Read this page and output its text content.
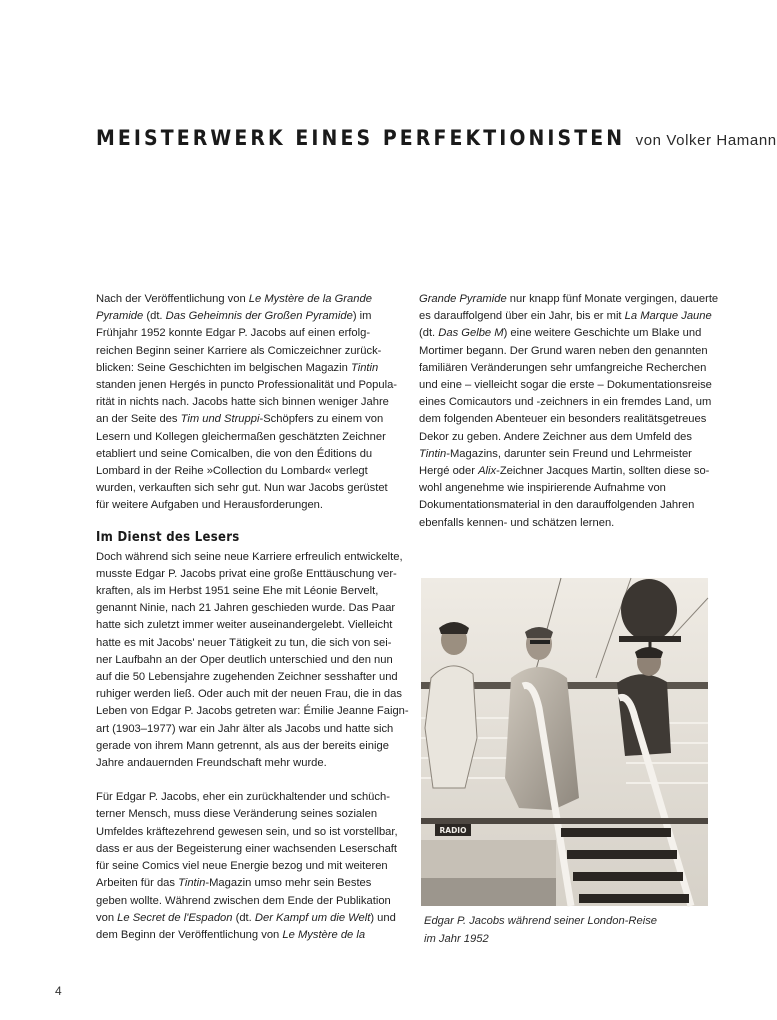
MEISTERWERK EINES PERFEKTIONISTEN von Volker Hamann

Nach der Veröffentlichung von Le Mystère de la Grande
Pyramide (dt. Das Geheimnis der Großen Pyramide) im
Frühjahr 1952 konnte Edgar P. Jacobs auf einen erfolg-
reichen Beginn seiner Karriere als Comiczeichner zurück-
blicken: Seine Geschichten im belgischen Magazin Tintin
standen jenen Hergés in puncto Professionalität und Popula-
rität in nichts nach. Jacobs hatte sich binnen weniger Jahre
an der Seite des Tim und Struppi-Schöpfers zu einem von
Lesern und Kollegen gleichermaßen geschätzten Zeichner
etabliert und seine Comicalben, die von den Éditions du
Lombard in der Reihe »Collection du Lombard« verlegt
wurden, verkauften sich sehr gut. Nun war Jacobs gerüstet
für weitere Aufgaben und Herausforderungen.

Im Dienst des Lesers

Doch während sich seine neue Karriere erfreulich entwickelte,
musste Edgar P. Jacobs privat eine große Enttäuschung ver-
kraften, als im Herbst 1951 seine Ehe mit Léonie Bervelt,
genannt Ninie, nach 21 Jahren geschieden wurde. Das Paar
hatte sich zuletzt immer weiter auseinandergelebt. Vielleicht
hatte es mit Jacobs' neuer Tätigkeit zu tun, die sich von sei-
ner Laufbahn an der Oper deutlich unterschied und den nun
auf die 50 Lebensjahre zugehenden Zeichner sesshafter und
ruhiger werden ließ. Oder auch mit der neuen Frau, die in das
Leben von Edgar P. Jacobs getreten war: Émilie Jeanne Faign-
art (1903–1977) war ein Jahr älter als Jacobs und hatte sich
gerade von ihrem Mann getrennt, als aus der bereits einige
Jahre andauernden Freundschaft mehr wurde.

Für Edgar P. Jacobs, eher ein zurückhaltender und schüch-
terner Mensch, muss diese Veränderung seines sozialen
Umfeldes kräftezehrend gewesen sein, und so ist vorstellbar,
dass er aus der Begeisterung einer wachsenden Leserschaft
für seine Comics viel neue Energie bezog und mit weiteren
Arbeiten für das Tintin-Magazin umso mehr sein Bestes
geben wollte. Während zwischen dem Ende der Publikation
von Le Secret de l'Espadon (dt. Der Kampf um die Welt) und
dem Beginn der Veröffentlichung von Le Mystère de la

Grande Pyramide nur knapp fünf Monate vergingen, dauerte
es darauffolgend über ein Jahr, bis er mit La Marque Jaune
(dt. Das Gelbe M) eine weitere Geschichte um Blake und
Mortimer begann. Der Grund waren neben den genannten
familiären Veränderungen sehr umfangreiche Recherchen
und eine – vielleicht sogar die erste – Dokumentationsreise
eines Comicautors und -zeichners in ein fremdes Land, um
dem folgenden Abenteuer ein besonders realitätsgetreues
Dekor zu geben. Andere Zeichner aus dem Umfeld des
Tintin-Magazins, darunter sein Freund und Lehrmeister
Hergé oder Alix-Zeichner Jacques Martin, sollten diese so-
wohl angenehme wie inspirierende Aufnahme von
Dokumentationsmaterial in den darauffolgenden Jahren
ebenfalls kennen- und schätzen lernen.

RADIO
Edgar P. Jacobs während seiner London-Reise
im Jahr 1952
4
